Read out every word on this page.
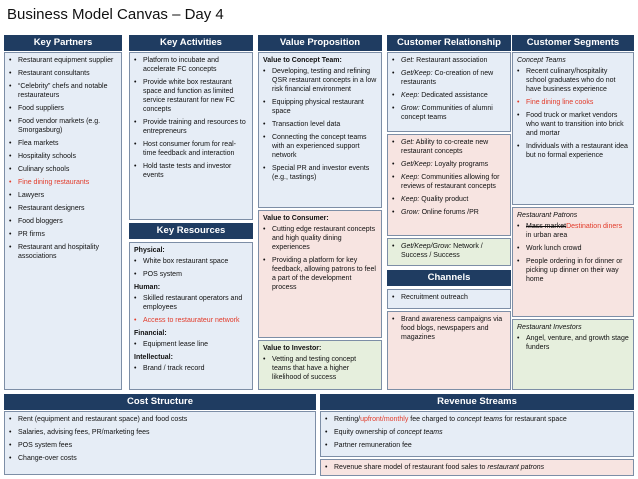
Business Model Canvas – Day 4
Key Partners	Key Activities	Value Proposition	Customer Relationship	Customer Segments
• Restaurant equipment supplier
• Restaurant consultants
• “Celebrity” chefs and notable restaurateurs
• Food suppliers
• Food vendor markets (e.g. Smorgasburg)
• Flea markets
• Hospitality schools
• Culinary schools
• Fine dining restaurants
• Lawyers
• Restaurant designers
• Food bloggers
• PR firms
• Restaurant and hospitality associations
• Platform to incubate and accelerate FC concepts
• Provide white box restaurant space and function as limited service restaurant for new FC concepts
• Provide training and resources to entrepreneurs
• Host consumer forum for real-time feedback and interaction
• Hold taste tests and investor events
Key Resources
Physical:
• White box restaurant space
• POS system
Human:
• Skilled restaurant operators and employees
• Access to restaurateur network
Financial:
• Equipment lease line
Intellectual:
• Brand / track record
Value to Concept Team:
• Developing, testing and refining QSR restaurant concepts in a low risk financial environment
• Equipping physical restaurant space
• Transaction level data
• Connecting the concept teams with an experienced support network
• Special PR and investor events (e.g., tastings)
Value to Consumer:
• Cutting edge restaurant concepts and high quality dining experiences
• Providing a platform for key feedback, allowing patrons to feel a part of the development process
Value to Investor:
• Vetting and testing concept teams that have a higher likelihood of success
• Get: Restaurant association
• Get/Keep: Co-creation of new restaurants
• Keep: Dedicated assistance
• Grow: Communities of alumni concept teams
• Get: Ability to co-create new restaurant concepts
• Get/Keep: Loyalty programs
• Keep: Communities allowing for reviews of restaurant concepts
• Keep: Quality product
• Grow: Online forums /PR
• Get/Keep/Grow: Network / Success / Success
Channels
• Recruitment outreach
• Brand awareness campaigns via food blogs, newspapers and magazines
Concept Teams
• Recent culinary/hospitality school graduates who do not have business experience
• Fine dining line cooks
• Food truck or market vendors who want to transition into brick and mortar
• Individuals with a restaurant idea but no formal experience
Restaurant Patrons
• Mass marketDestination diners in urban area
• Work lunch crowd
• People ordering in for dinner or picking up dinner on their way home
Restaurant Investors
• Angel, venture, and growth stage funders
Cost Structure
• Rent (equipment and restaurant space) and food costs
• Salaries, advising fees, PR/marketing fees
• POS system fees
• Change-over costs
Revenue Streams
• Renting/upfront/monthly fee charged to concept teams for restaurant space
• Equity ownership of concept teams
• Partner remuneration fee
• Revenue share model of restaurant food sales to restaurant patrons
